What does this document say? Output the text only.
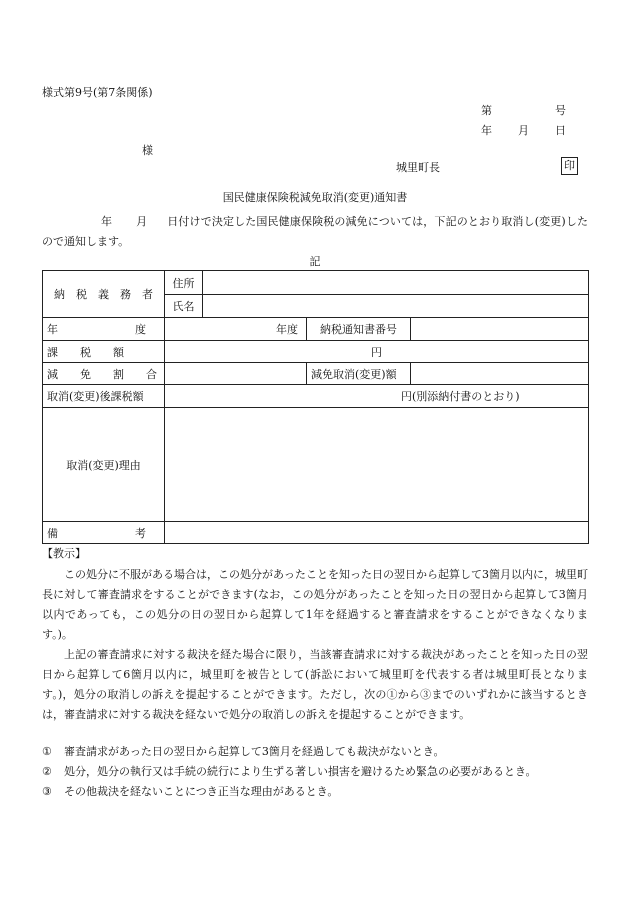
様式第9号(第7条関係)
第	号
年 月 日
様
城里町長	印
国民健康保険税減免取消(変更)通知書
年 月 日付けで決定した国民健康保険税の減免については，下記のとおり取消し(変更)したので通知します。
記
納　税　義　務　者	住所			
	氏名			
年　　　　　　　度	年度		納税通知書番号	
課　　税　　額	円			
減　　免　　割　　合			減免取消(変更)額	
取消(変更)後課税額	円(別添納付書のとおり)			
取消(変更)理由				
備　　　　　　　考				
【教示】
この処分に不服がある場合は，この処分があったことを知った日の翌日から起算して3箇月以内に，城里町長に対して審査請求をすることができます(なお，この処分があったことを知った日の翌日から起算して3箇月以内であっても，この処分の日の翌日から起算して1年を経過すると審査請求をすることができなくなります。)。
上記の審査請求に対する裁決を経た場合に限り，当該審査請求に対する裁決があったことを知った日の翌日から起算して6箇月以内に，城里町を被告として(訴訟において城里町を代表する者は城里町長となります。)，処分の取消しの訴えを提起することができます。ただし，次の①から③までのいずれかに該当するときは，審査請求に対する裁決を経ないで処分の取消しの訴えを提起することができます。
① 審査請求があった日の翌日から起算して3箇月を経過しても裁決がないとき。
② 処分，処分の執行又は手続の続行により生ずる著しい損害を避けるため緊急の必要があるとき。
③ その他裁決を経ないことにつき正当な理由があるとき。
